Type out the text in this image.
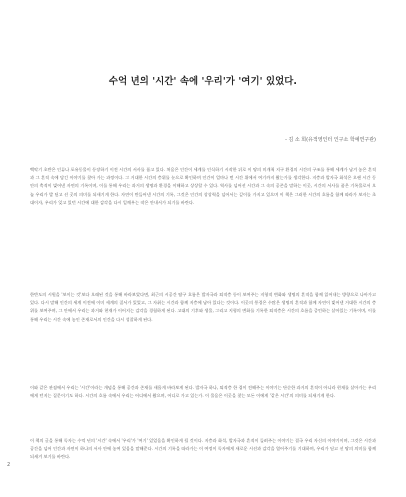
수억 년의 '시간' 속에 '우리'가 '여기' 있었다.
- 김 소 희(유적영인터 인구소 학예연구관)

백악기 초반은 인류나 포유동물이 등장하기 이전 시간의 서사를 품고 있다. 처음은 인간이 세계를 인식하기 시작한 뒤로 이 땅의 미개척 지구 환경의 시간의 구조를 통해 세계가 남겨 놓은 흔적과 그 흔적 속에 담긴 이야기를 찾아 가는 과정이다. 그 거대한 시간의 층위를 눈으로 확인하며 인간이 얼마나 먼 시간 위에서 여기까지 왔는가를 생각한다. 지층과 발자국 화석은 오랜 시간 동안의 축적이 빚어낸 자연의 기록이며, 이를 통해 우리는 과거의 생명과 환경을 이해하고 상상할 수 있다. 역사를 넘어선 시간과 그 속의 공존을 말하는 이곳, 시간의 서사를 품은 기록물로서 오늘 우리가 발 딛고 선 곳의 의미를 되새기게 한다. 자연이 만들어낸 시간의 기록, 그것은 인간의 상상력을 넘어서는 깊이를 가지고 있으며 이 책은 그러한 시간의 흐름을 함께 따라가 보자는 초대이자, 우리가 잊고 있던 시간에 대한 감각을 다시 일깨우는 작은 안내서가 되기를 바란다.

한반도의 시원을 '보이는 것'보다 오래된 것을 통해 바라보았다면, 최근의 시공간 탐구 흐름은 발자국과 퇴적층 등이 보여주는 지형적 변화와 생명의 흔적을 함께 읽어내는 방향으로 나아가고 있다. 다시 말해 인간의 세계 이전에 이미 세계의 질서가 있었고, 그 자취는 시간과 함께 지층에 남아 있다는 것이다. 이곳의 풍경은 수많은 생명의 흔적과 함께 자연이 빚어낸 거대한 시간의 층위를 보여주며, 그 안에서 우리는 과거와 현재가 이어지는 감각을 경험하게 된다. 고대의 기후와 생물, 그리고 지형의 변화를 기록한 퇴적층은 시간의 흐름을 증언하는 살아있는 기록이며, 이를 통해 우리는 시간 속에 놓인 존재로서의 인간을 다시 성찰하게 된다.

이와 같은 관점에서 우리는 '시간'이라는 개념을 통해 공간과 존재를 새롭게 바라보게 된다. 발자국 하나, 퇴적층 한 겹이 전해주는 이야기는 단순한 과거의 흔적이 아니라 현재를 살아가는 우리에게 던지는 질문이기도 하다. 시간의 흐름 속에서 우리는 어디에서 왔으며, 어디로 가고 있는가. 이 물음은 이곳을 찾는 모든 이에게 '같은 시간'의 의미를 되새기게 한다.

이 책의 글을 통해 독자는 수억 년의 '시간' 속에서 '우리'가 '여기' 있었음을 확인하게 될 것이다. 지층과 화석, 발자국과 흔적이 들려주는 이야기는 결국 우리 자신의 이야기이며, 그것은 시간과 공간을 넘어 인간과 자연이 하나의 서사 안에 놓여 있음을 말해준다. 시간의 기록을 따라가는 이 여정이 독자에게 새로운 시선과 감각을 열어주기를 기대하며, 우리가 딛고 선 땅의 의미를 함께 되새겨 보기를 바란다.

2
